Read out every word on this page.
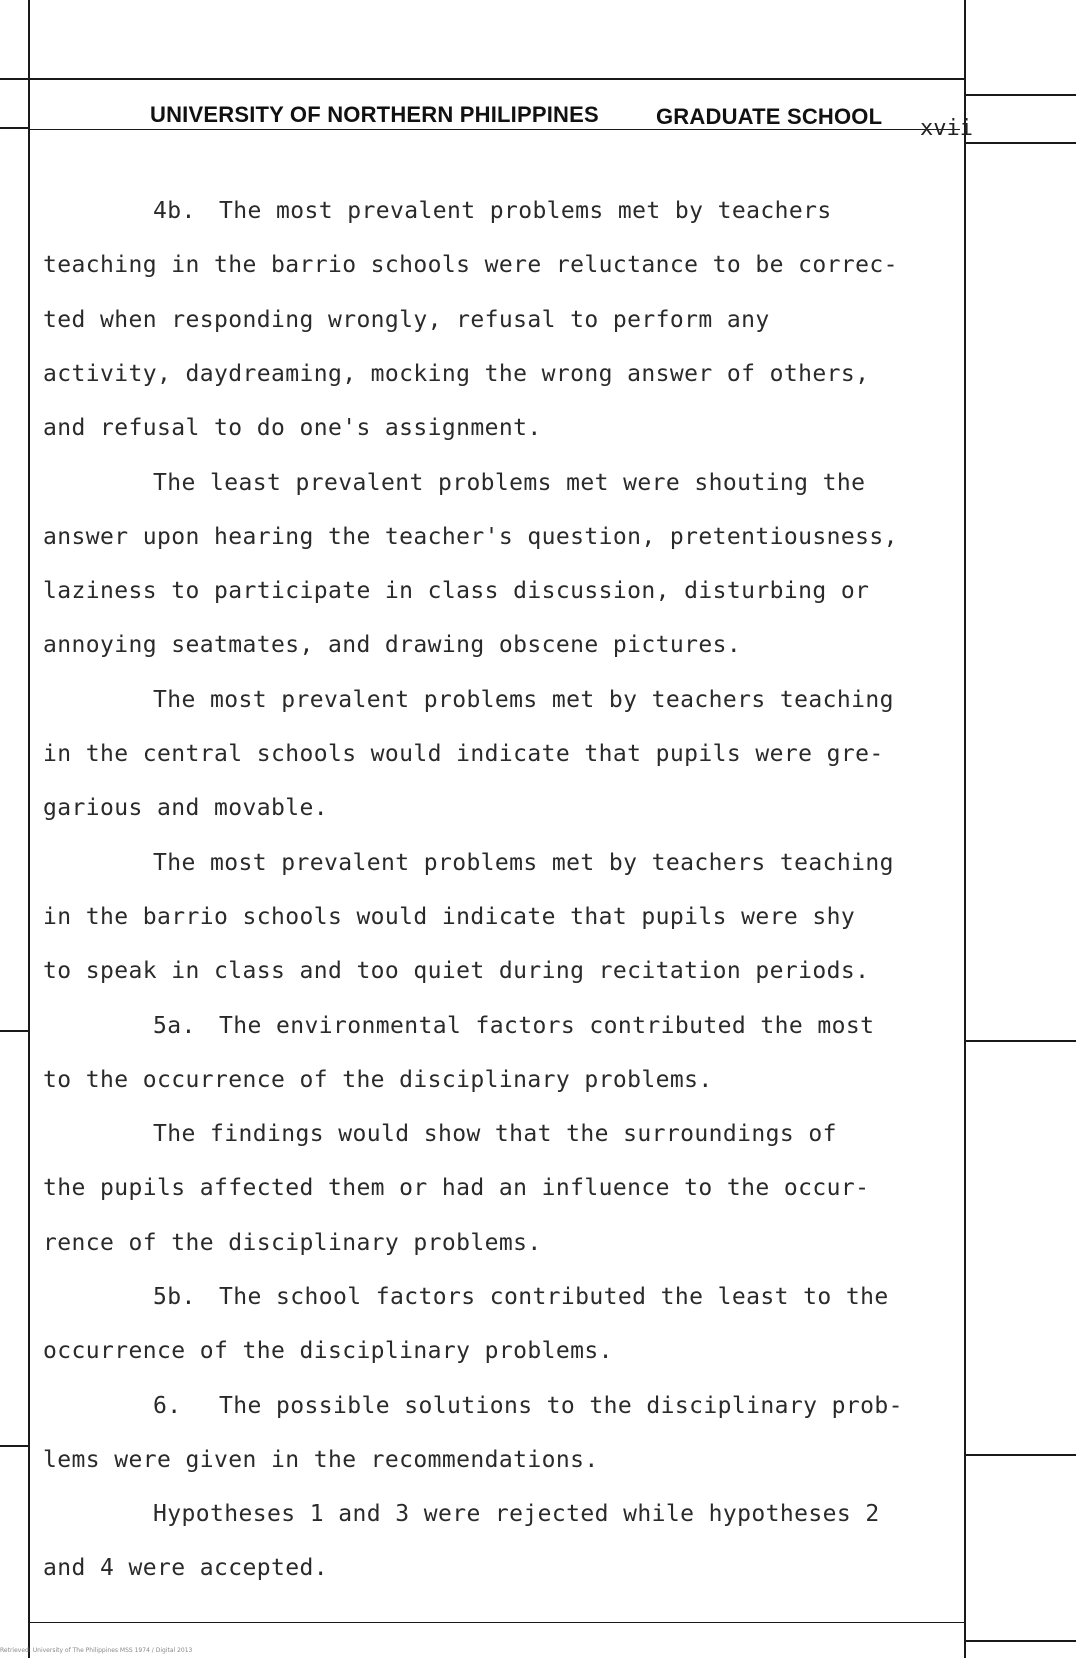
UNIVERSITY OF NORTHERN PHILIPPINES	GRADUATE SCHOOL xvii
4b. The most prevalent problems met by teachers
teaching in the barrio schools were reluctance to be correc-
ted when responding wrongly, refusal to perform any
activity, daydreaming, mocking the wrong answer of others,
and refusal to do one's assignment.
The least prevalent problems met were shouting the
answer upon hearing the teacher's question, pretentiousness,
laziness to participate in class discussion, disturbing or
annoying seatmates, and drawing obscene pictures.
The most prevalent problems met by teachers teaching
in the central schools would indicate that pupils were gre-
garious and movable.
The most prevalent problems met by teachers teaching
in the barrio schools would indicate that pupils were shy
to speak in class and too quiet during recitation periods.
5a. The environmental factors contributed the most
to the occurrence of the disciplinary problems.
The findings would show that the surroundings of
the pupils affected them or had an influence to the occur-
rence of the disciplinary problems.
5b. The school factors contributed the least to the
occurrence of the disciplinary problems.
6. The possible solutions to the disciplinary prob-
lems were given in the recommendations.
Hypotheses 1 and 3 were rejected while hypotheses 2
and 4 were accepted.
Retrieved: University of The Philippines MSS 1974 / Digital 2013
